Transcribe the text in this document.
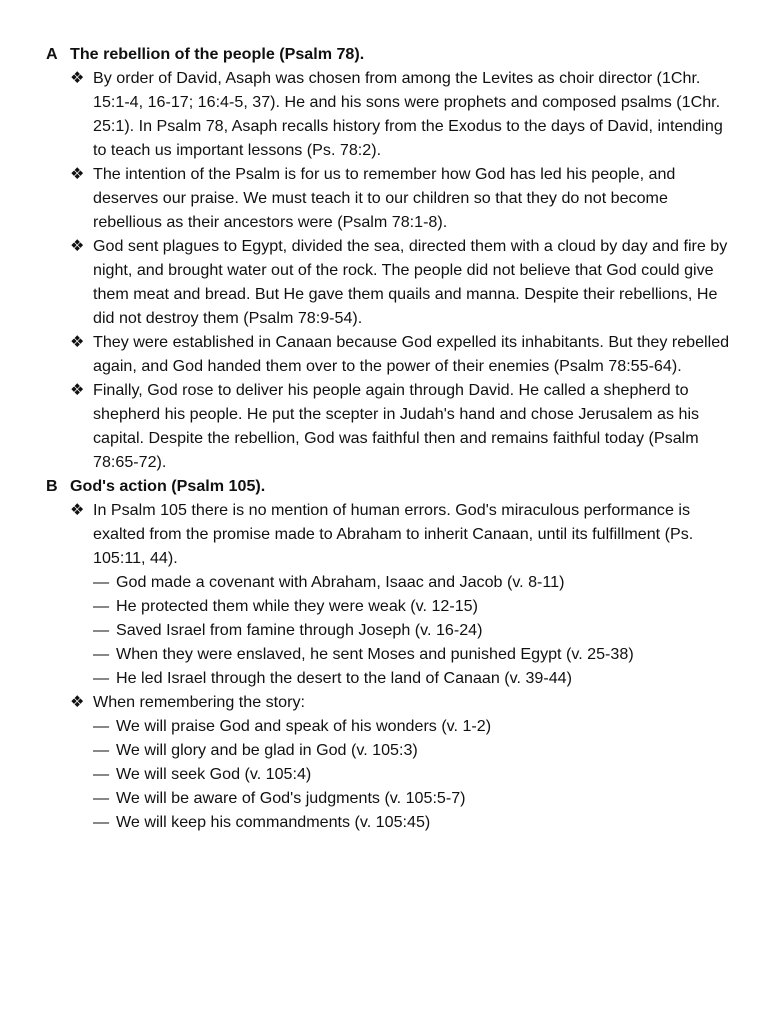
A The rebellion of the people (Psalm 78).
❖ By order of David, Asaph was chosen from among the Levites as choir director (1Chr. 15:1-4, 16-17; 16:4-5, 37). He and his sons were prophets and composed psalms (1Chr. 25:1). In Psalm 78, Asaph recalls history from the Exodus to the days of David, intending to teach us important lessons (Ps. 78:2).
❖ The intention of the Psalm is for us to remember how God has led his people, and deserves our praise. We must teach it to our children so that they do not become rebellious as their ancestors were (Psalm 78:1-8).
❖ God sent plagues to Egypt, divided the sea, directed them with a cloud by day and fire by night, and brought water out of the rock. The people did not believe that God could give them meat and bread. But He gave them quails and manna. Despite their rebellions, He did not destroy them (Psalm 78:9-54).
❖ They were established in Canaan because God expelled its inhabitants. But they rebelled again, and God handed them over to the power of their enemies (Psalm 78:55-64).
❖ Finally, God rose to deliver his people again through David. He called a shepherd to shepherd his people. He put the scepter in Judah's hand and chose Jerusalem as his capital. Despite the rebellion, God was faithful then and remains faithful today (Psalm 78:65-72).
B God's action (Psalm 105).
❖ In Psalm 105 there is no mention of human errors. God's miraculous performance is exalted from the promise made to Abraham to inherit Canaan, until its fulfillment (Ps. 105:11, 44).
— God made a covenant with Abraham, Isaac and Jacob (v. 8-11)
— He protected them while they were weak (v. 12-15)
— Saved Israel from famine through Joseph (v. 16-24)
— When they were enslaved, he sent Moses and punished Egypt (v. 25-38)
— He led Israel through the desert to the land of Canaan (v. 39-44)
❖ When remembering the story:
— We will praise God and speak of his wonders (v. 1-2)
— We will glory and be glad in God (v. 105:3)
— We will seek God (v. 105:4)
— We will be aware of God's judgments (v. 105:5-7)
— We will keep his commandments (v. 105:45)
